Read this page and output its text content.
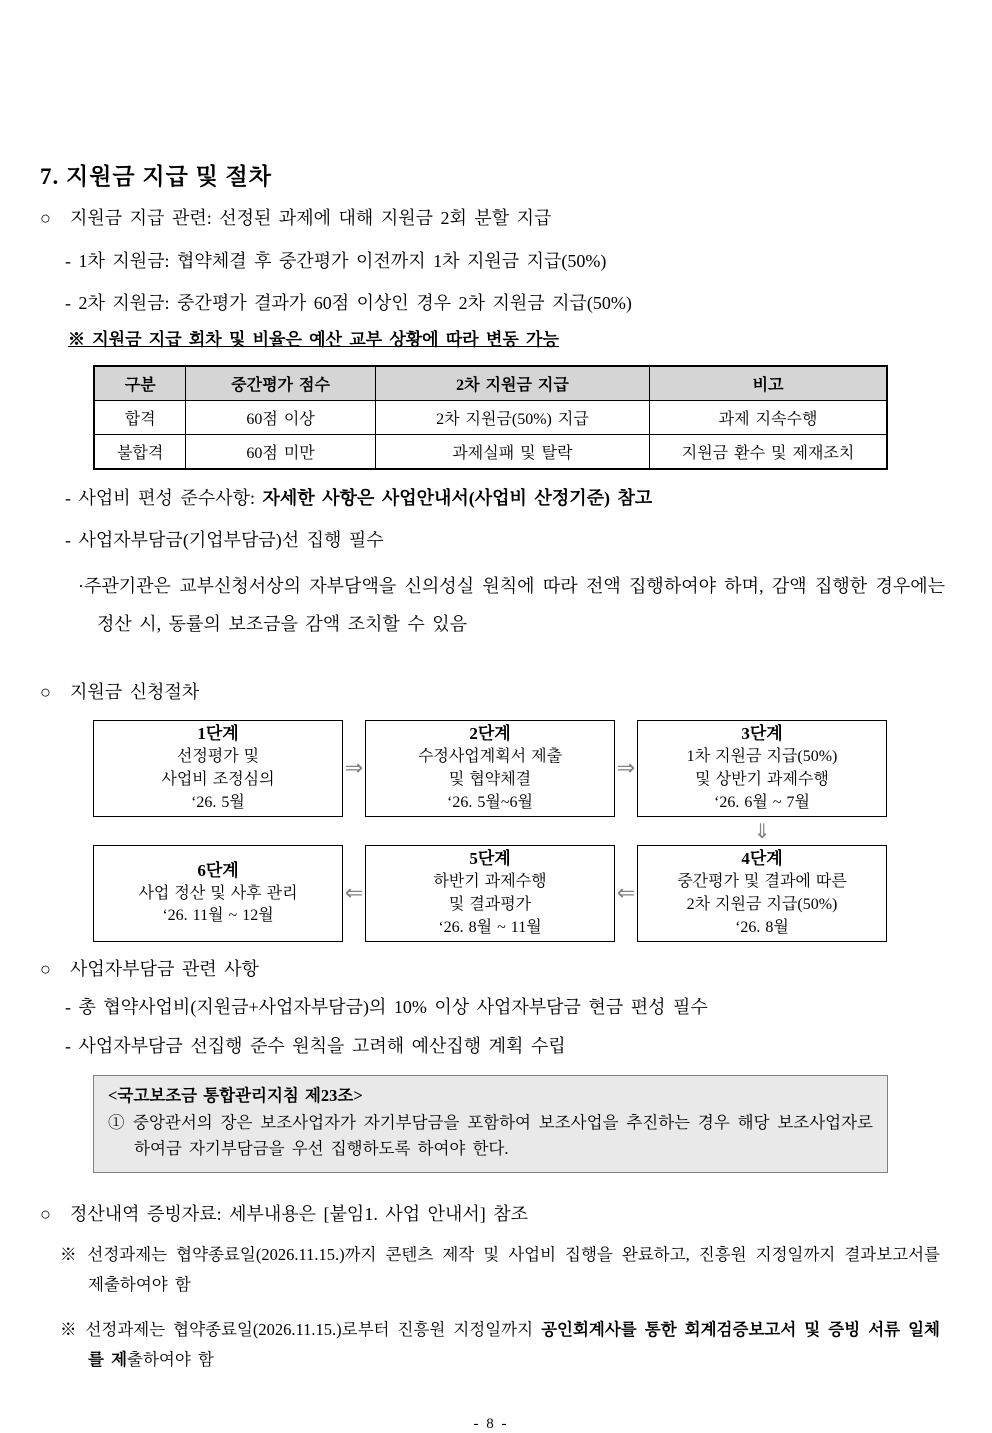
7. 지원금 지급 및 절차

○ 지원금 지급 관련: 선정된 과제에 대해 지원금 2회 분할 지급

- 1차 지원금: 협약체결 후 중간평가 이전까지 1차 지원금 지급(50%)

- 2차 지원금: 중간평가 결과가 60점 이상인 경우 2차 지원금 지급(50%)

※ 지원금 지급 회차 및 비율은 예산 교부 상황에 따라 변동 가능

구분	중간평가 점수	2차 지원금 지급	비고
합격	60점 이상	2차 지원금(50%) 지급	과제 지속수행
불합격	60점 미만	과제실패 및 탈락	지원금 환수 및 제재조치

- 사업비 편성 준수사항: 자세한 사항은 사업안내서(사업비 산정기준) 참고

- 사업자부담금(기업부담금)선 집행 필수

·주관기관은 교부신청서상의 자부담액을 신의성실 원칙에 따라 전액 집행하여야 하며, 감액 집행한 경우에는 정산 시, 동률의 보조금을 감액 조치할 수 있음

○ 지원금 신청절차

1단계
선정평가 및
사업비 조정심의
‘26. 5월
⇒
2단계
수정사업계획서 제출
및 협약체결
‘26. 5월~6월
⇒
3단계
1차 지원금 지급(50%)
및 상반기 과제수행
‘26. 6월 ~ 7월
⇓
6단계
사업 정산 및 사후 관리
‘26. 11월 ~ 12월
⇐
5단계
하반기 과제수행
및 결과평가
‘26. 8월 ~ 11월
⇐
4단계
중간평가 및 결과에 따른
2차 지원금 지급(50%)
‘26. 8월

○ 사업자부담금 관련 사항

- 총 협약사업비(지원금+사업자부담금)의 10% 이상 사업자부담금 현금 편성 필수

- 사업자부담금 선집행 준수 원칙을 고려해 예산집행 계획 수립

<국고보조금 통합관리지침 제23조>
① 중앙관서의 장은 보조사업자가 자기부담금을 포함하여 보조사업을 추진하는 경우 해당 보조사업자로 하여금 자기부담금을 우선 집행하도록 하여야 한다.

○ 정산내역 증빙자료: 세부내용은 [붙임1. 사업 안내서] 참조

※ 선정과제는 협약종료일(2026.11.15.)까지 콘텐츠 제작 및 사업비 집행을 완료하고, 진흥원 지정일까지 결과보고서를 제출하여야 함

※ 선정과제는 협약종료일(2026.11.15.)로부터 진흥원 지정일까지 공인회계사를 통한 회계검증보고서 및 증빙 서류 일체를 제출하여야 함

- 8 -
